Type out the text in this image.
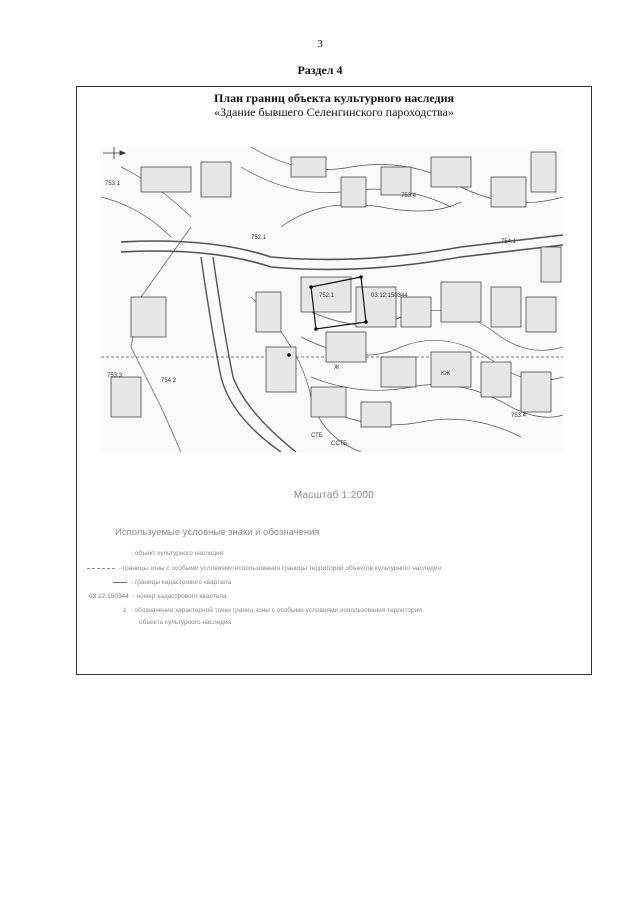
3
Раздел 4
План границ объекта культурного наследия
«Здание бывшего Селенгинского пароходства»
753.1
752.1
754.1
752.1	03:12:150344
753.3
754.2
753.4
753.4
СТБ
ССТБ
Ж
КЖ
Масштаб 1:2000
Используемые условные знаки и обозначения
- объект культурного наследия
- границы зоны с особыми условиями использования границы территорий объектов культурного наследия
- границы кадастрового квартала
03:12:150344 - номер кадастрового квартала
1 - обозначение характерной точки границ зоны с особыми условиями использования территории
объекта культурного наследия
